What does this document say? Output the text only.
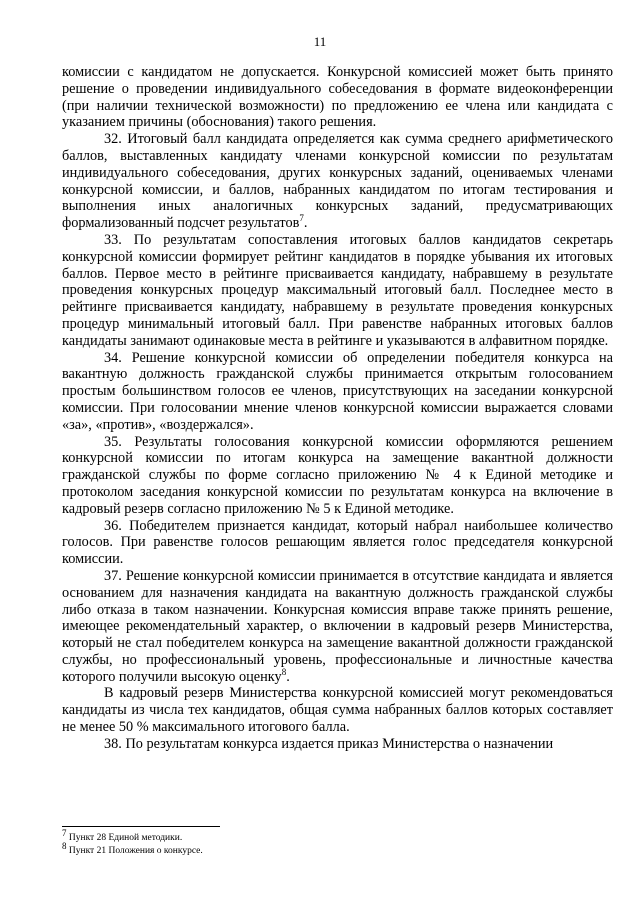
11

комиссии с кандидатом не допускается. Конкурсной комиссией может быть принято решение о проведении индивидуального собеседования в формате видеоконференции (при наличии технической возможности) по предложению ее члена или кандидата с указанием причины (обоснования) такого решения.

32. Итоговый балл кандидата определяется как сумма среднего арифметического баллов, выставленных кандидату членами конкурсной комиссии по результатам индивидуального собеседования, других конкурсных заданий, оцениваемых членами конкурсной комиссии, и баллов, набранных кандидатом по итогам тестирования и выполнения иных аналогичных конкурсных заданий, предусматривающих формализованный подсчет результатов$^7$.

33. По результатам сопоставления итоговых баллов кандидатов секретарь конкурсной комиссии формирует рейтинг кандидатов в порядке убывания их итоговых баллов. Первое место в рейтинге присваивается кандидату, набравшему в результате проведения конкурсных процедур максимальный итоговый балл. Последнее место в рейтинге присваивается кандидату, набравшему в результате проведения конкурсных процедур минимальный итоговый балл. При равенстве набранных итоговых баллов кандидаты занимают одинаковые места в рейтинге и указываются в алфавитном порядке.

34. Решение конкурсной комиссии об определении победителя конкурса на вакантную должность гражданской службы принимается открытым голосованием простым большинством голосов ее членов, присутствующих на заседании конкурсной комиссии. При голосовании мнение членов конкурсной комиссии выражается словами «за», «против», «воздержался».

35. Результаты голосования конкурсной комиссии оформляются решением конкурсной комиссии по итогам конкурса на замещение вакантной должности гражданской службы по форме согласно приложению № 4 к Единой методике и протоколом заседания конкурсной комиссии по результатам конкурса на включение в кадровый резерв согласно приложению № 5 к Единой методике.

36. Победителем признается кандидат, который набрал наибольшее количество голосов. При равенстве голосов решающим является голос председателя конкурсной комиссии.

37. Решение конкурсной комиссии принимается в отсутствие кандидата и является основанием для назначения кандидата на вакантную должность гражданской службы либо отказа в таком назначении. Конкурсная комиссия вправе также принять решение, имеющее рекомендательный характер, о включении в кадровый резерв Министерства, который не стал победителем конкурса на замещение вакантной должности гражданской службы, но профессиональный уровень, профессиональные и личностные качества которого получили высокую оценку$^8$.

В кадровый резерв Министерства конкурсной комиссией могут рекомендоваться кандидаты из числа тех кандидатов, общая сумма набранных баллов которых составляет не менее 50 % максимального итогового балла.

38. По результатам конкурса издается приказ Министерства о назначении

$^7$ Пункт 28 Единой методики.
$^8$ Пункт 21 Положения о конкурсе.
